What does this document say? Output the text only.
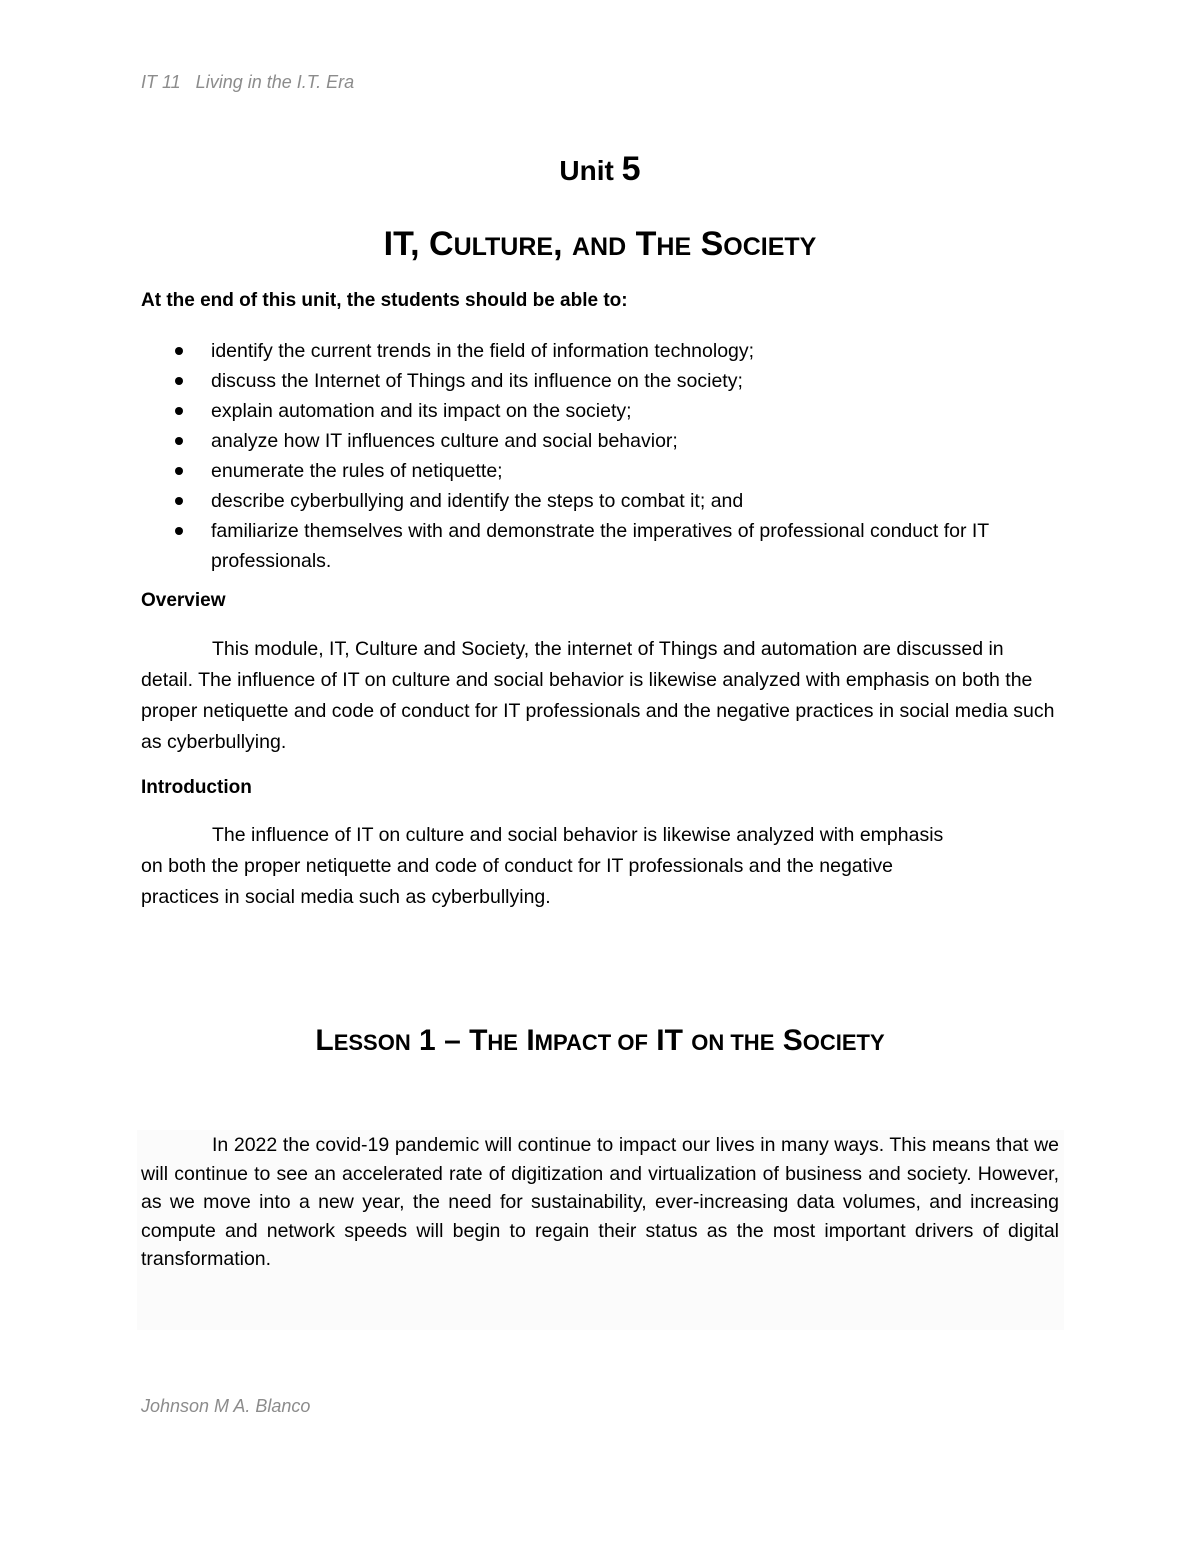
IT 11   Living in the I.T. Era
Unit 5
IT, CULTURE, AND THE SOCIETY
At the end of this unit, the students should be able to:
identify the current trends in the field of information technology;
discuss the Internet of Things and its influence on the society;
explain automation and its impact on the society;
analyze how IT influences culture and social behavior;
enumerate the rules of netiquette;
describe cyberbullying and identify the steps to combat it; and
familiarize themselves with and demonstrate the imperatives of professional conduct for IT professionals.
Overview

This module, IT, Culture and Society, the internet of Things and automation are discussed in detail. The influence of IT on culture and social behavior is likewise analyzed with emphasis on both the proper netiquette and code of conduct for IT professionals and the negative practices in social media such as cyberbullying.

Introduction
The influence of IT on culture and social behavior is likewise analyzed with emphasis
on both the proper netiquette and code of conduct for IT professionals and the negative
practices in social media such as cyberbullying.
LESSON 1 – THE IMPACT OF IT ON THE SOCIETY

In 2022 the covid-19 pandemic will continue to impact our lives in many ways. This means that we will continue to see an accelerated rate of digitization and virtualization of business and society. However, as we move into a new year, the need for sustainability, ever-increasing data volumes, and increasing compute and network speeds will begin to regain their status as the most important drivers of digital transformation.

Johnson M A. Blanco
